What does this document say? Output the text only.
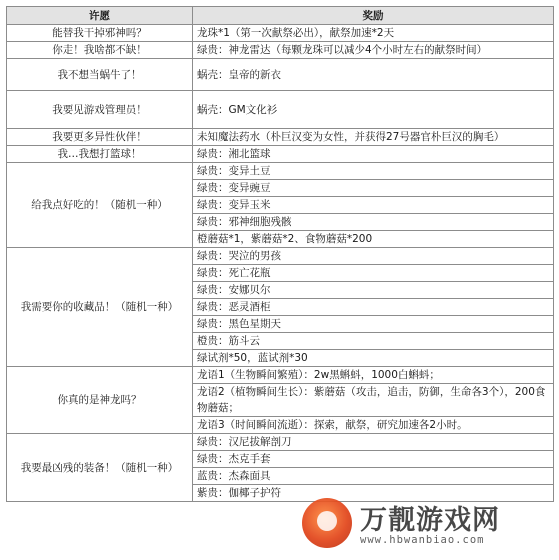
许愿	奖励
能替我干掉邪神吗？	龙珠*1（第一次献祭必出），献祭加速*2天
你走！我啥都不缺！	绿贵：神龙雷达（每颗龙珠可以减少4个小时左右的献祭时间）
我不想当蜗牛了！	蜗壳：皇帝的新衣
我要见游戏管理员！	蜗壳：GM文化衫
我要更多异性伙伴！	未知魔法药水（朴巨汉变为女性，并获得27号器官朴巨汉的胸毛）
我…我想打篮球！	绿贵：湘北篮球
给我点好吃的！（随机一种）	绿贵：变异土豆
	绿贵：变异豌豆
	绿贵：变异玉米
	绿贵：邪神细胞残骸
	橙蘑菇*1，紫蘑菇*2、食物蘑菇*200
我需要你的收藏品！（随机一种）	绿贵：哭泣的男孩
	绿贵：死亡花瓶
	绿贵：安娜贝尔
	绿贵：恶灵酒柜
	绿贵：黑色星期天
	橙贵：筋斗云
	绿试剂*50，蓝试剂*30
你真的是神龙吗？	龙语1（生物瞬间繁殖）：2w黑蝌蚪，1000白蝌蚪；
	龙语2（植物瞬间生长）：紫蘑菇（攻击，追击，防御，生命各3个），200食物蘑菇；
	龙语3（时间瞬间流逝）：探索，献祭，研究加速各2小时。
我要最凶残的装备！（随机一种）	绿贵：汉尼拔解剖刀
	绿贵：杰克手套
	蓝贵：杰森面具
	紫贵：伽椰子护符
万靓游戏网
www.hbwanbiao.com
